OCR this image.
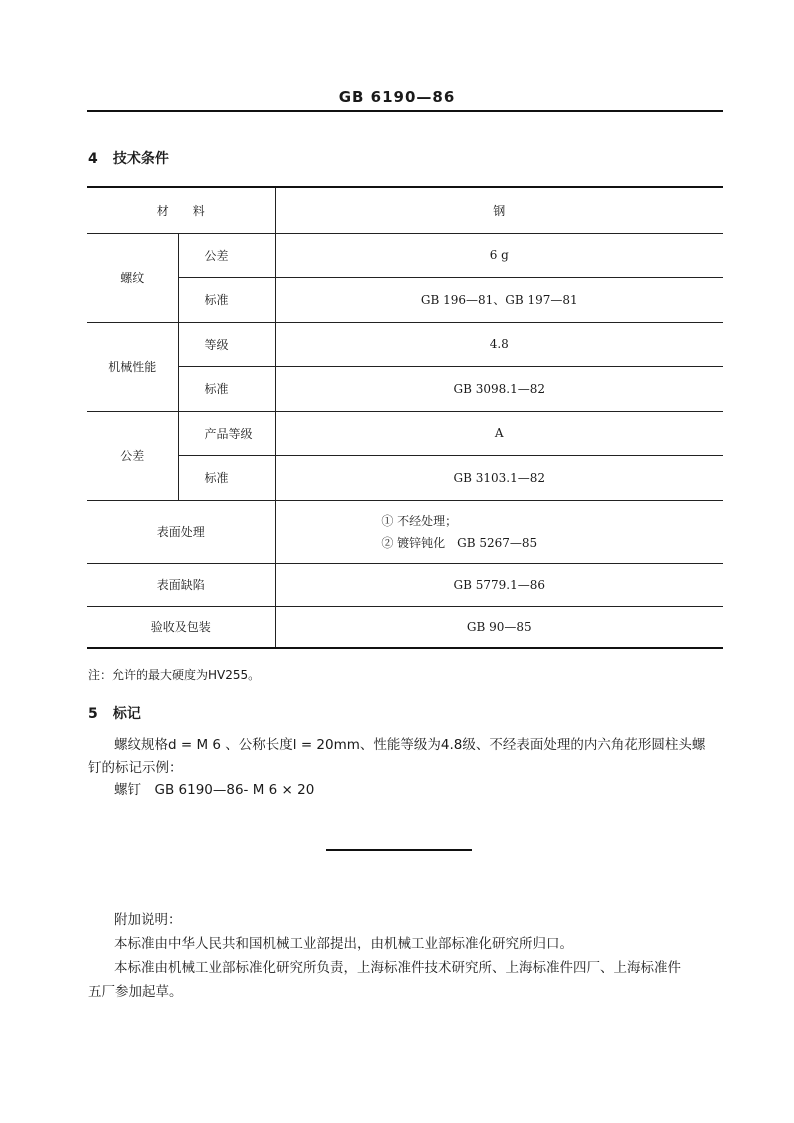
GB 6190—86
4 技术条件
材　　料		钢
螺纹	公差	6 g
	标准	GB 196—81、GB 197—81
机械性能	等级	4.8
	标准	GB 3098.1—82
公差	产品等级	A
	标准	GB 3103.1—82
表面处理		① 不经处理；
② 镀锌钝化　GB 5267—85

表面缺陷		GB 5779.1—86
验收及包装		GB 90—85
注：允许的最大硬度为HV255。
5 标记
螺纹规格d = M 6 、公称长度l = 20mm、性能等级为4.8级、不经表面处理的内六角花形圆柱头螺
钉的标记示例：
螺钉　GB 6190—86- M 6 × 20
附加说明：
本标准由中华人民共和国机械工业部提出，由机械工业部标准化研究所归口。
本标准由机械工业部标准化研究所负责，上海标准件技术研究所、上海标准件四厂、上海标准件
五厂参加起草。
